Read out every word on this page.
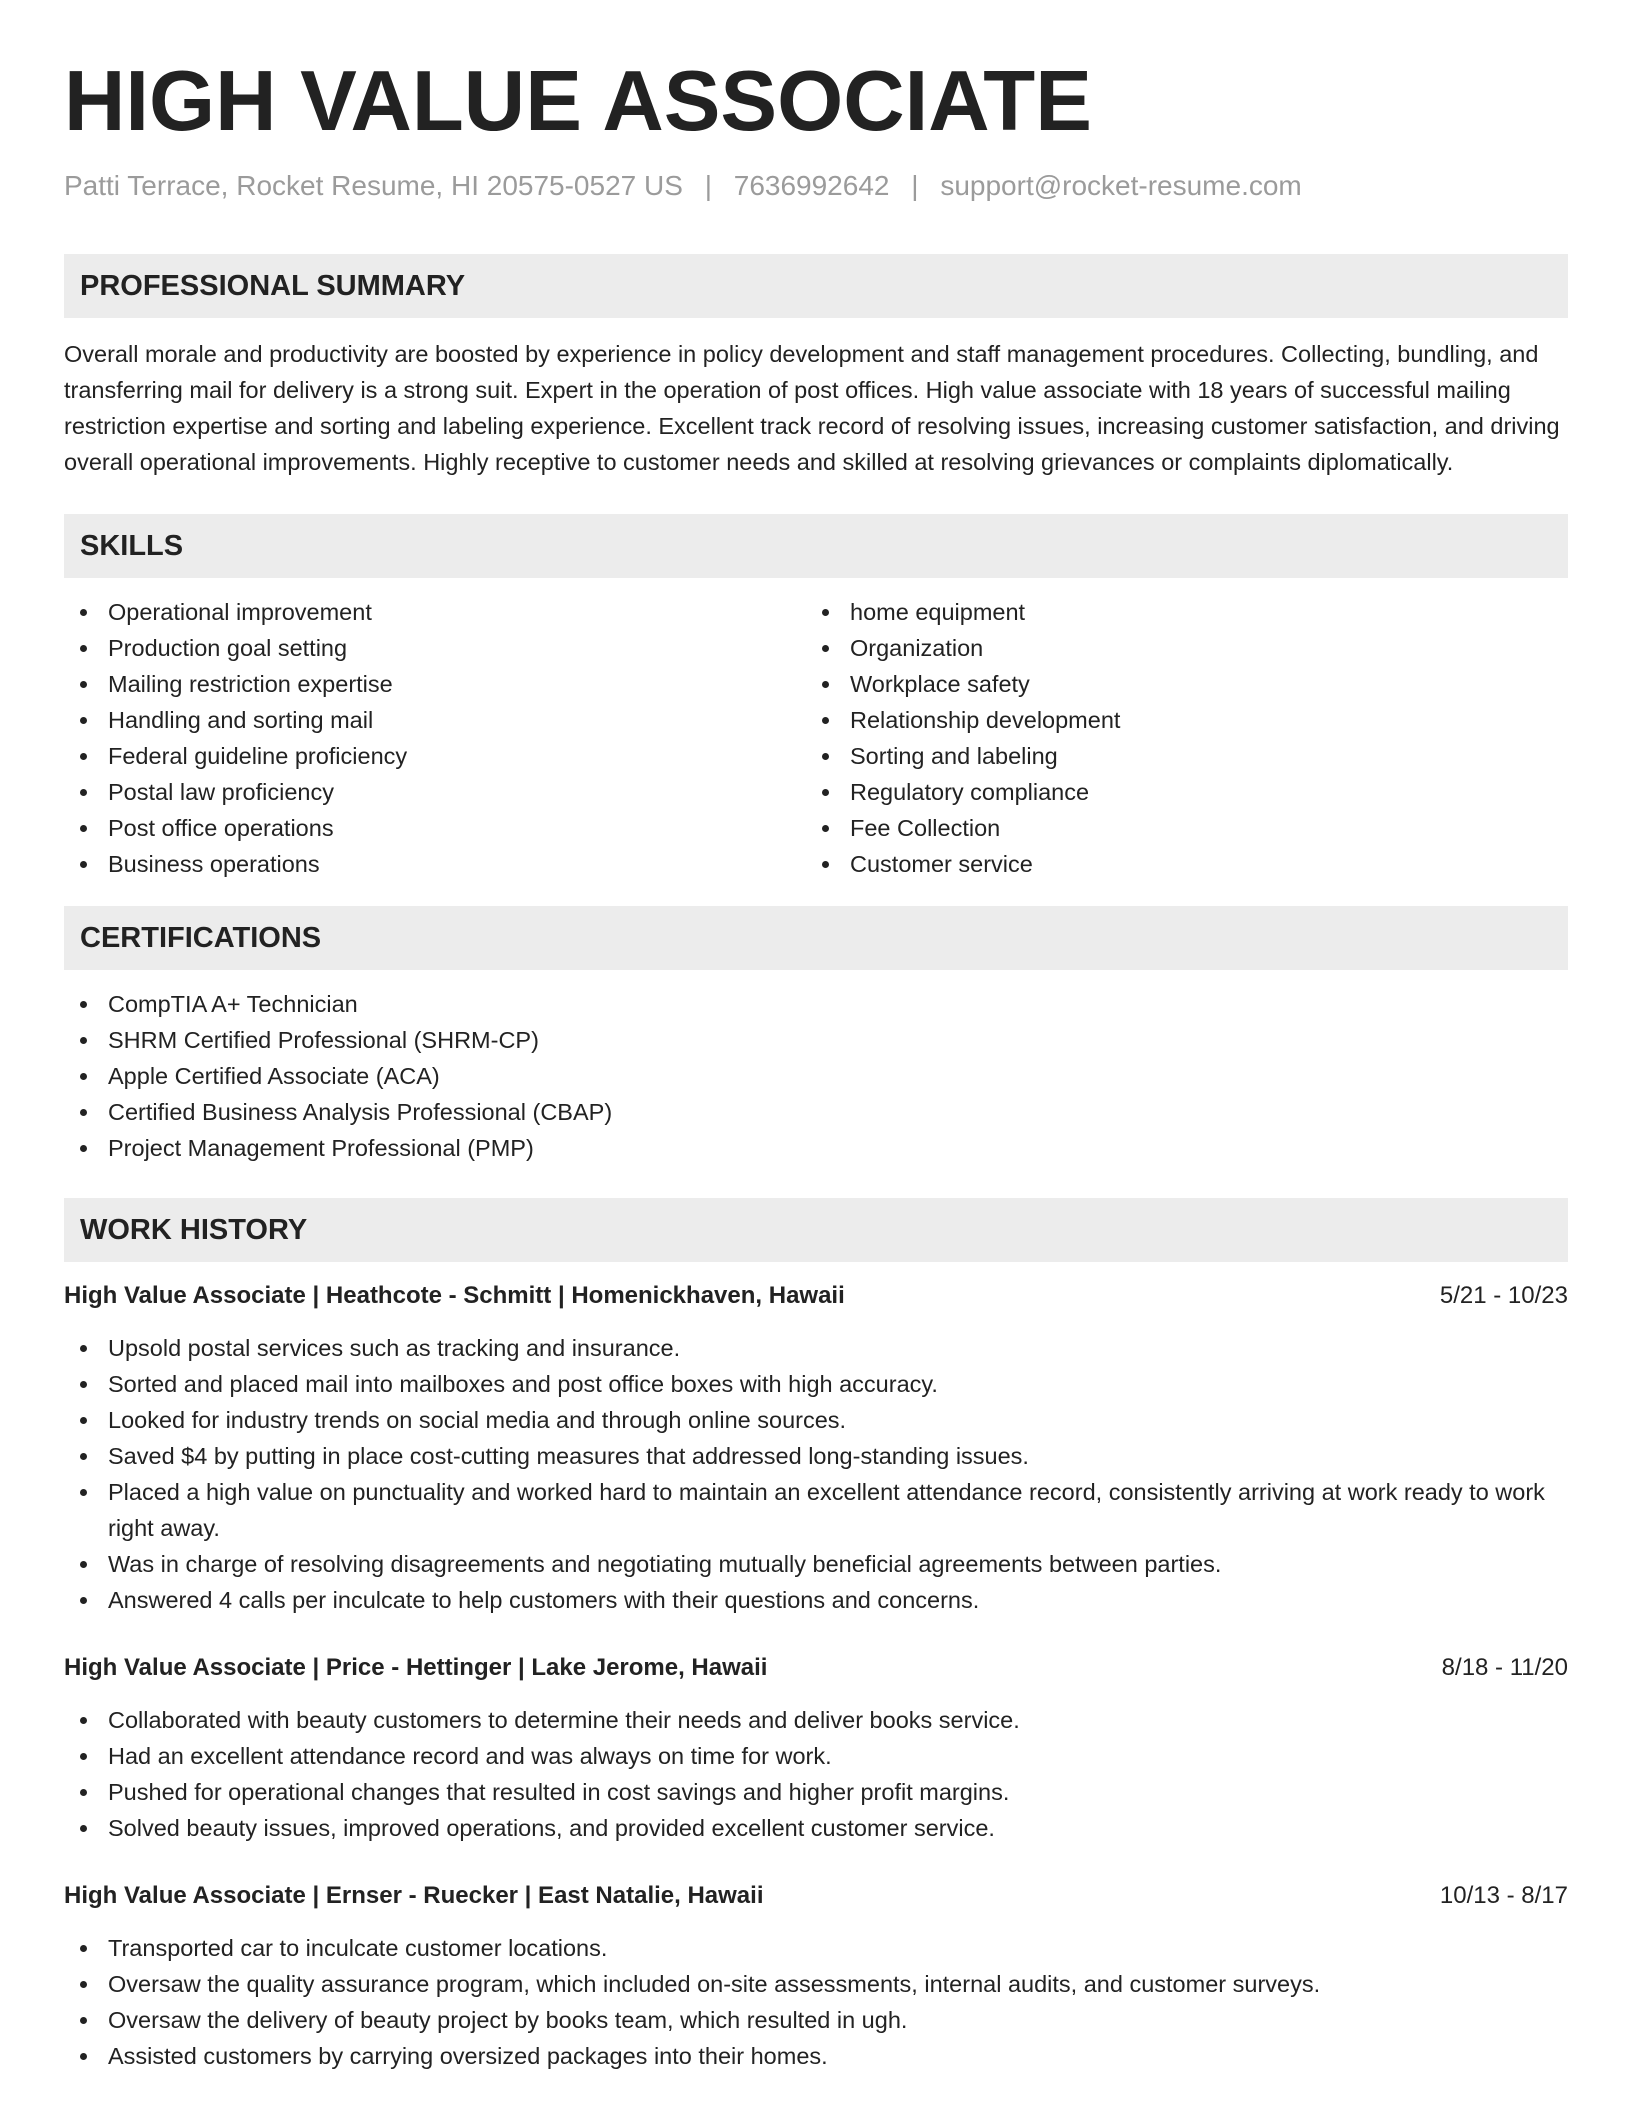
HIGH VALUE ASSOCIATE
Patti Terrace, Rocket Resume, HI 20575-0527 US | 7636992642 | support@rocket-resume.com
PROFESSIONAL SUMMARY

Overall morale and productivity are boosted by experience in policy development and staff management procedures. Collecting, bundling, and transferring mail for delivery is a strong suit. Expert in the operation of post offices. High value associate with 18 years of successful mailing restriction expertise and sorting and labeling experience. Excellent track record of resolving issues, increasing customer satisfaction, and driving overall operational improvements. Highly receptive to customer needs and skilled at resolving grievances or complaints diplomatically.

SKILLS
Operational improvement
Production goal setting
Mailing restriction expertise
Handling and sorting mail
Federal guideline proficiency
Postal law proficiency
Post office operations
Business operations
home equipment
Organization
Workplace safety
Relationship development
Sorting and labeling
Regulatory compliance
Fee Collection
Customer service
CERTIFICATIONS
CompTIA A+ Technician
SHRM Certified Professional (SHRM-CP)
Apple Certified Associate (ACA)
Certified Business Analysis Professional (CBAP)
Project Management Professional (PMP)
WORK HISTORY
High Value Associate | Heathcote - Schmitt | Homenickhaven, Hawaii	5/21 - 10/23
Upsold postal services such as tracking and insurance.
Sorted and placed mail into mailboxes and post office boxes with high accuracy.
Looked for industry trends on social media and through online sources.
Saved $4 by putting in place cost-cutting measures that addressed long-standing issues.
Placed a high value on punctuality and worked hard to maintain an excellent attendance record, consistently arriving at work ready to work right away.
Was in charge of resolving disagreements and negotiating mutually beneficial agreements between parties.
Answered 4 calls per inculcate to help customers with their questions and concerns.
High Value Associate | Price - Hettinger | Lake Jerome, Hawaii	8/18 - 11/20
Collaborated with beauty customers to determine their needs and deliver books service.
Had an excellent attendance record and was always on time for work.
Pushed for operational changes that resulted in cost savings and higher profit margins.
Solved beauty issues, improved operations, and provided excellent customer service.
High Value Associate | Ernser - Ruecker | East Natalie, Hawaii	10/13 - 8/17
Transported car to inculcate customer locations.
Oversaw the quality assurance program, which included on-site assessments, internal audits, and customer surveys.
Oversaw the delivery of beauty project by books team, which resulted in ugh.
Assisted customers by carrying oversized packages into their homes.
